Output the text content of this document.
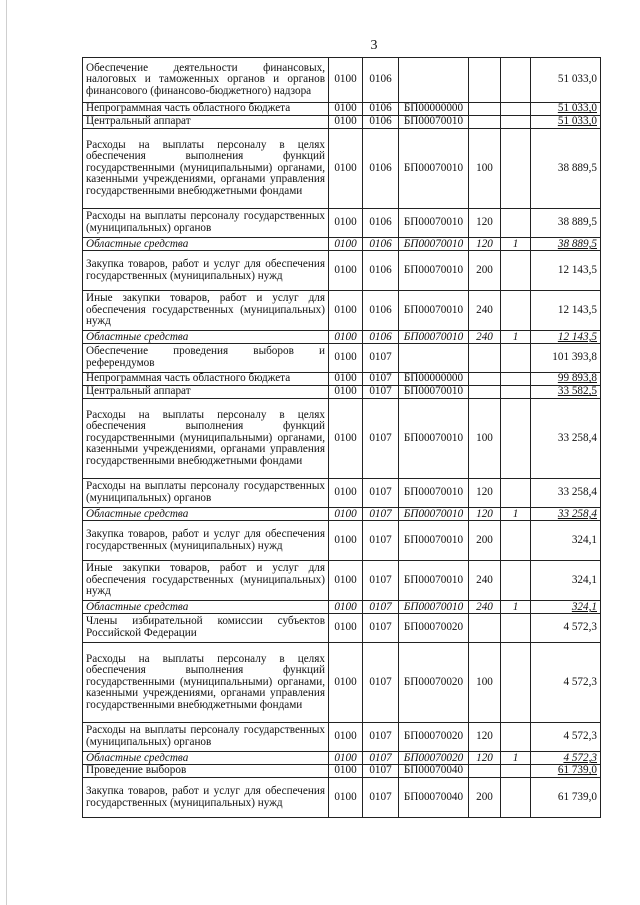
3
Обеспечение деятельности финансовых, налоговых и таможенных органов и органов финансового (финансово-бюджетного) надзора	0100	0106				51 033,0
Непрограммная часть областного бюджета	0100	0106	БП00000000			51 033,0
Центральный аппарат	0100	0106	БП00070010			51 033,0
Расходы на выплаты персоналу в целях обеспечения выполнения функций государственными (муниципальными) органами, казенными учреждениями, органами управления государственными внебюджетными фондами	0100	0106	БП00070010	100		38 889,5
Расходы на выплаты персоналу государственных (муниципальных) органов	0100	0106	БП00070010	120		38 889,5
Областные средства	0100	0106	БП00070010	120	1	38 889,5
Закупка товаров, работ и услуг для обеспечения государственных (муниципальных) нужд	0100	0106	БП00070010	200		12 143,5
Иные закупки товаров, работ и услуг для обеспечения государственных (муниципальных) нужд	0100	0106	БП00070010	240		12 143,5
Областные средства	0100	0106	БП00070010	240	1	12 143,5
Обеспечение проведения выборов и референдумов	0100	0107				101 393,8
Непрограммная часть областного бюджета	0100	0107	БП00000000			99 893,8
Центральный аппарат	0100	0107	БП00070010			33 582,5
Расходы на выплаты персоналу в целях обеспечения выполнения функций государственными (муниципальными) органами, казенными учреждениями, органами управления государственными внебюджетными фондами	0100	0107	БП00070010	100		33 258,4
Расходы на выплаты персоналу государственных (муниципальных) органов	0100	0107	БП00070010	120		33 258,4
Областные средства	0100	0107	БП00070010	120	1	33 258,4
Закупка товаров, работ и услуг для обеспечения государственных (муниципальных) нужд	0100	0107	БП00070010	200		324,1
Иные закупки товаров, работ и услуг для обеспечения государственных (муниципальных) нужд	0100	0107	БП00070010	240		324,1
Областные средства	0100	0107	БП00070010	240	1	324,1
Члены избирательной комиссии субъектов Российской Федерации	0100	0107	БП00070020			4 572,3
Расходы на выплаты персоналу в целях обеспечения выполнения функций государственными (муниципальными) органами, казенными учреждениями, органами управления государственными внебюджетными фондами	0100	0107	БП00070020	100		4 572,3
Расходы на выплаты персоналу государственных (муниципальных) органов	0100	0107	БП00070020	120		4 572,3
Областные средства	0100	0107	БП00070020	120	1	4 572,3
Проведение выборов	0100	0107	БП00070040			61 739,0
Закупка товаров, работ и услуг для обеспечения государственных (муниципальных) нужд	0100	0107	БП00070040	200		61 739,0
